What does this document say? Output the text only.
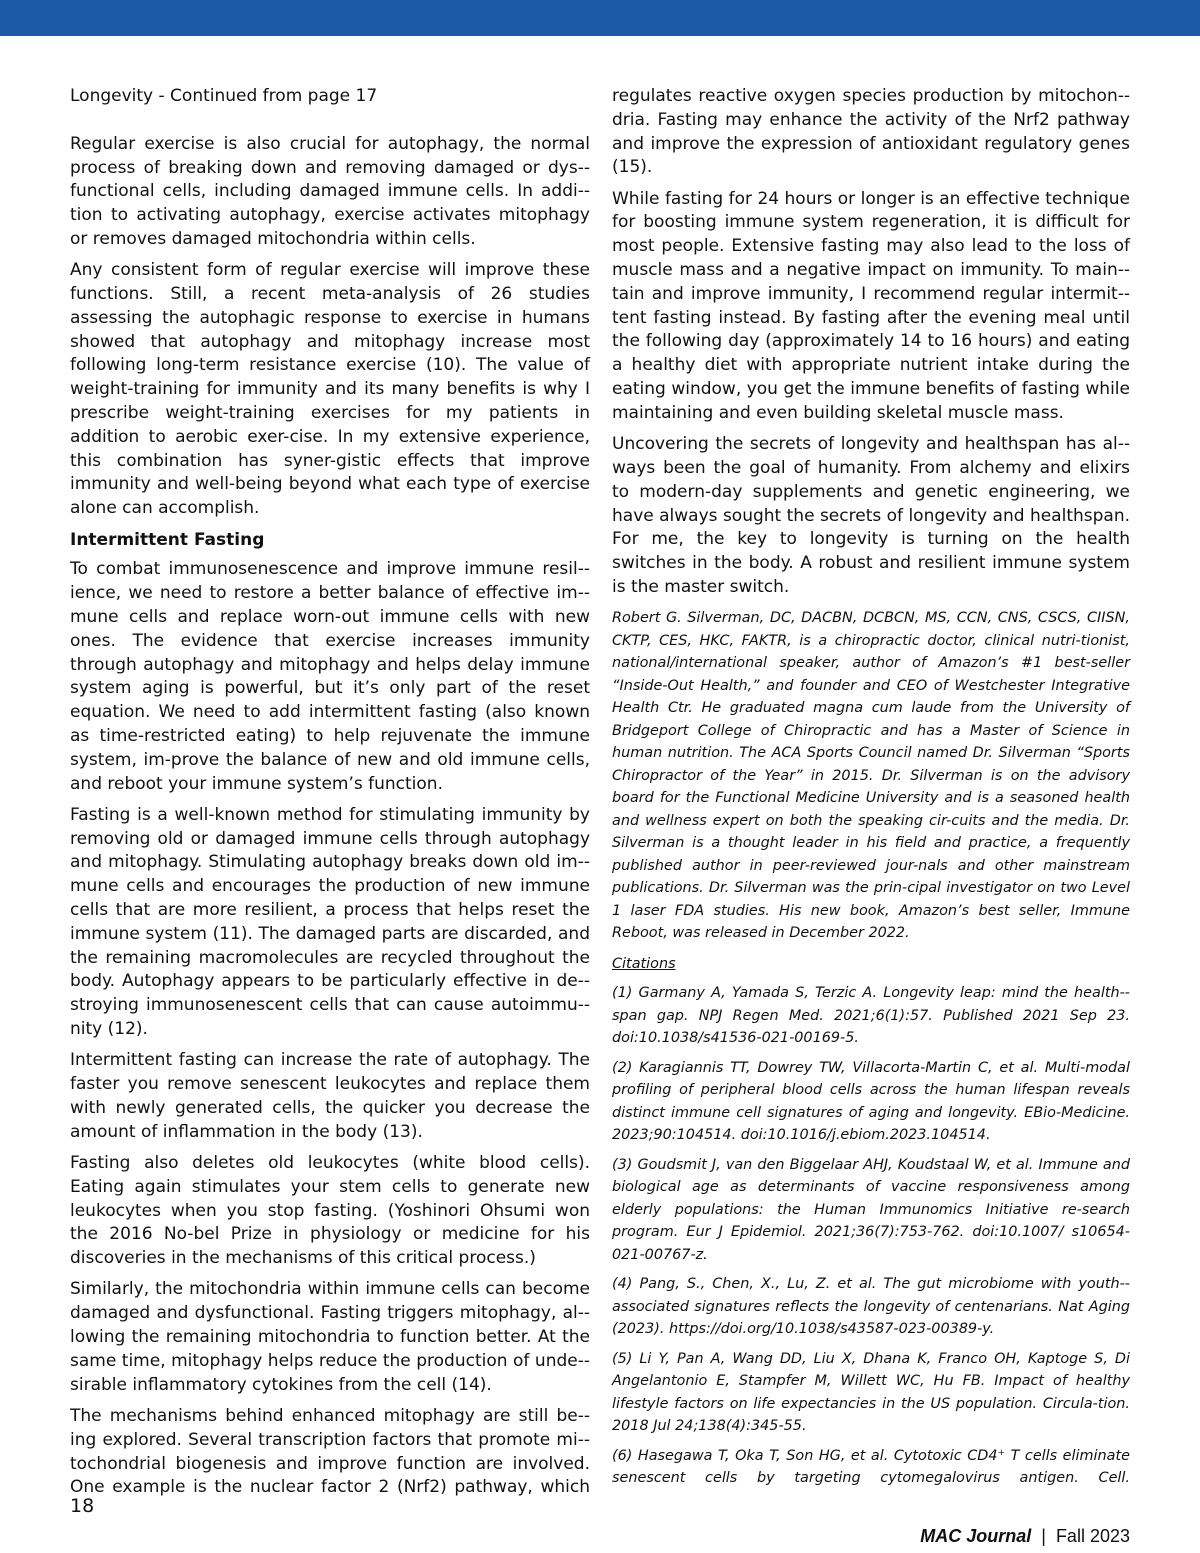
Longevity - Continued from page 17

Regular exercise is also crucial for autophagy, the normal process of breaking down and removing damaged or dys-functional cells, including damaged immune cells. In addi-tion to activating autophagy, exercise activates mitophagy or removes damaged mitochondria within cells.

Any consistent form of regular exercise will improve these functions. Still, a recent meta-analysis of 26 studies assessing the autophagic response to exercise in humans showed that autophagy and mitophagy increase most following long-term resistance exercise (10). The value of weight-training for immunity and its many benefits is why I prescribe weight-training exercises for my patients in addition to aerobic exer-cise. In my extensive experience, this combination has syner-gistic effects that improve immunity and well-being beyond what each type of exercise alone can accomplish.

Intermittent Fasting

To combat immunosenescence and improve immune resil-ience, we need to restore a better balance of effective im-mune cells and replace worn-out immune cells with new ones. The evidence that exercise increases immunity through autophagy and mitophagy and helps delay immune system aging is powerful, but it’s only part of the reset equation. We need to add intermittent fasting (also known as time-restricted eating) to help rejuvenate the immune system, im-prove the balance of new and old immune cells, and reboot your immune system’s function.

Fasting is a well-known method for stimulating immunity by removing old or damaged immune cells through autophagy and mitophagy. Stimulating autophagy breaks down old im-mune cells and encourages the production of new immune cells that are more resilient, a process that helps reset the immune system (11). The damaged parts are discarded, and the remaining macromolecules are recycled throughout the body. Autophagy appears to be particularly effective in de-stroying immunosenescent cells that can cause autoimmu-nity (12).

Intermittent fasting can increase the rate of autophagy. The faster you remove senescent leukocytes and replace them with newly generated cells, the quicker you decrease the amount of inflammation in the body (13).

Fasting also deletes old leukocytes (white blood cells). Eating again stimulates your stem cells to generate new leukocytes when you stop fasting. (Yoshinori Ohsumi won the 2016 No-bel Prize in physiology or medicine for his discoveries in the mechanisms of this critical process.)

Similarly, the mitochondria within immune cells can become damaged and dysfunctional. Fasting triggers mitophagy, al-lowing the remaining mitochondria to function better. At the same time, mitophagy helps reduce the production of unde-sirable inflammatory cytokines from the cell (14).

The mechanisms behind enhanced mitophagy are still be-ing explored. Several transcription factors that promote mi-tochondrial biogenesis and improve function are involved. One example is the nuclear factor 2 (Nrf2) pathway, which

regulates reactive oxygen species production by mitochon-dria. Fasting may enhance the activity of the Nrf2 pathway and improve the expression of antioxidant regulatory genes (15).

While fasting for 24 hours or longer is an effective technique for boosting immune system regeneration, it is difficult for most people. Extensive fasting may also lead to the loss of muscle mass and a negative impact on immunity. To main-tain and improve immunity, I recommend regular intermit-tent fasting instead. By fasting after the evening meal until the following day (approximately 14 to 16 hours) and eating a healthy diet with appropriate nutrient intake during the eating window, you get the immune benefits of fasting while maintaining and even building skeletal muscle mass.

Uncovering the secrets of longevity and healthspan has al-ways been the goal of humanity. From alchemy and elixirs to modern-day supplements and genetic engineering, we have always sought the secrets of longevity and healthspan. For me, the key to longevity is turning on the health switches in the body. A robust and resilient immune system is the master switch.

Robert G. Silverman, DC, DACBN, DCBCN, MS, CCN, CNS, CSCS, CIISN, CKTP, CES, HKC, FAKTR, is a chiropractic doctor, clinical nutri-tionist, national/international speaker, author of Amazon’s #1 best-seller “Inside-Out Health,” and founder and CEO of Westchester Integrative Health Ctr. He graduated magna cum laude from the University of Bridgeport College of Chiropractic and has a Master of Science in human nutrition. The ACA Sports Council named Dr. Silverman “Sports Chiropractor of the Year” in 2015. Dr. Silverman is on the advisory board for the Functional Medicine University and is a seasoned health and wellness expert on both the speaking cir-cuits and the media. Dr. Silverman is a thought leader in his field and practice, a frequently published author in peer-reviewed jour-nals and other mainstream publications. Dr. Silverman was the prin-cipal investigator on two Level 1 laser FDA studies. His new book, Amazon’s best seller, Immune Reboot, was released in December 2022.

Citations

(1) Garmany A, Yamada S, Terzic A. Longevity leap: mind the health-span gap. NPJ Regen Med. 2021;6(1):57. Published 2021 Sep 23. doi:10.1038/s41536-021-00169-5.

(2) Karagiannis TT, Dowrey TW, Villacorta-Martin C, et al. Multi-modal profiling of peripheral blood cells across the human lifespan reveals distinct immune cell signatures of aging and longevity. EBio-Medicine. 2023;90:104514. doi:10.1016/j.ebiom.2023.104514.

(3) Goudsmit J, van den Biggelaar AHJ, Koudstaal W, et al. Immune and biological age as determinants of vaccine responsiveness among elderly populations: the Human Immunomics Initiative re-search program. Eur J Epidemiol. 2021;36(7):753-762. doi:10.1007/ s10654-021-00767-z.

(4) Pang, S., Chen, X., Lu, Z. et al. The gut microbiome with youth-associated signatures reflects the longevity of centenarians. Nat Aging (2023). https://doi.org/10.1038/s43587-023-00389-y.

(5) Li Y, Pan A, Wang DD, Liu X, Dhana K, Franco OH, Kaptoge S, Di Angelantonio E, Stampfer M, Willett WC, Hu FB. Impact of healthy lifestyle factors on life expectancies in the US population. Circula-tion. 2018 Jul 24;138(4):345-55.

(6) Hasegawa T, Oka T, Son HG, et al. Cytotoxic CD4⁺ T cells eliminate senescent cells by targeting cytomegalovirus antigen. Cell.

18
MAC Journal | Fall 2023
